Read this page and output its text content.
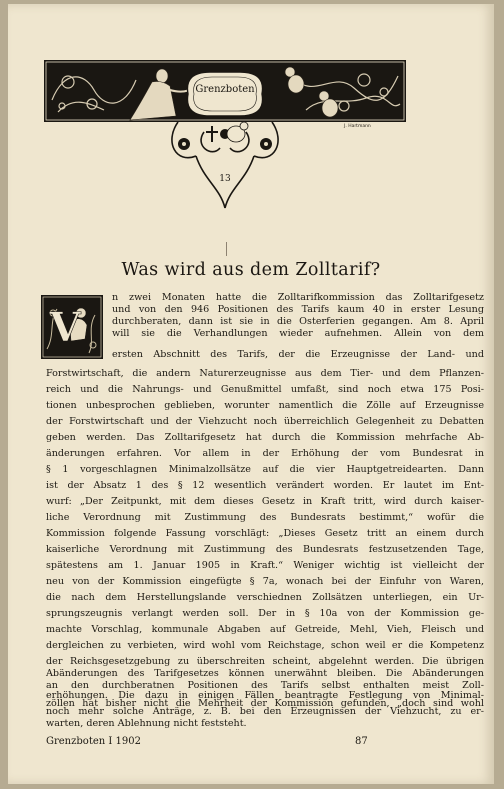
Grenzboten
13
J. Hartmann
Was wird aus dem Zolltarif?
V
n zwei Monaten hatte die Zolltarifkommission das Zolltarifgesetz
und von den 946 Positionen des Tarifs kaum 40 in erster Lesung
durchberaten, dann ist sie in die Osterferien gegangen. Am 8. April
will sie die Verhandlungen wieder aufnehmen. Allein von dem
ersten Abschnitt des Tarifs, der die Erzeugnisse der Land- und
Forstwirtschaft, die andern Naturerzeugnisse aus dem Tier- und dem Pflanzen-
reich und die Nahrungs- und Genußmittel umfaßt, sind noch etwa 175 Posi-
tionen unbesprochen geblieben, worunter namentlich die Zölle auf Erzeugnisse
der Forstwirtschaft und der Viehzucht noch überreichlich Gelegenheit zu Debatten
geben werden. Das Zolltarifgesetz hat durch die Kommission mehrfache Ab-
änderungen erfahren. Vor allem in der Erhöhung der vom Bundesrat in
§ 1 vorgeschlagnen Minimalzollsätze auf die vier Hauptgetreidearten. Dann
ist der Absatz 1 des § 12 wesentlich verändert worden. Er lautet im Ent-
wurf: „Der Zeitpunkt, mit dem dieses Gesetz in Kraft tritt, wird durch kaiser-
liche Verordnung mit Zustimmung des Bundesrats bestimmt,“ wofür die
Kommission folgende Fassung vorschlägt: „Dieses Gesetz tritt an einem durch
kaiserliche Verordnung mit Zustimmung des Bundesrats festzusetzenden Tage,
spätestens am 1. Januar 1905 in Kraft.“ Weniger wichtig ist vielleicht der
neu von der Kommission eingefügte § 7a, wonach bei der Einfuhr von Waren,
die nach dem Herstellungslande verschiednen Zollsätzen unterliegen, ein Ur-
sprungszeugnis verlangt werden soll. Der in § 10a von der Kommission ge-
machte Vorschlag, kommunale Abgaben auf Getreide, Mehl, Vieh, Fleisch und
dergleichen zu verbieten, wird wohl vom Reichstage, schon weil er die Kompetenz
der Reichsgesetzgebung zu überschreiten scheint, abgelehnt werden. Die übrigen
Abänderungen des Tarifgesetzes können unerwähnt bleiben. Die Abänderungen
an den durchberatnen Positionen des Tarifs selbst enthalten meist Zoll-
erhöhungen. Die dazu in einigen Fällen beantragte Festlegung von Minimal-
zöllen hat bisher nicht die Mehrheit der Kommission gefunden, „doch sind wohl
noch mehr solche Anträge, z. B. bei den Erzeugnissen der Viehzucht, zu er-
warten, deren Ablehnung nicht feststeht.
Grenzboten I 1902	87
